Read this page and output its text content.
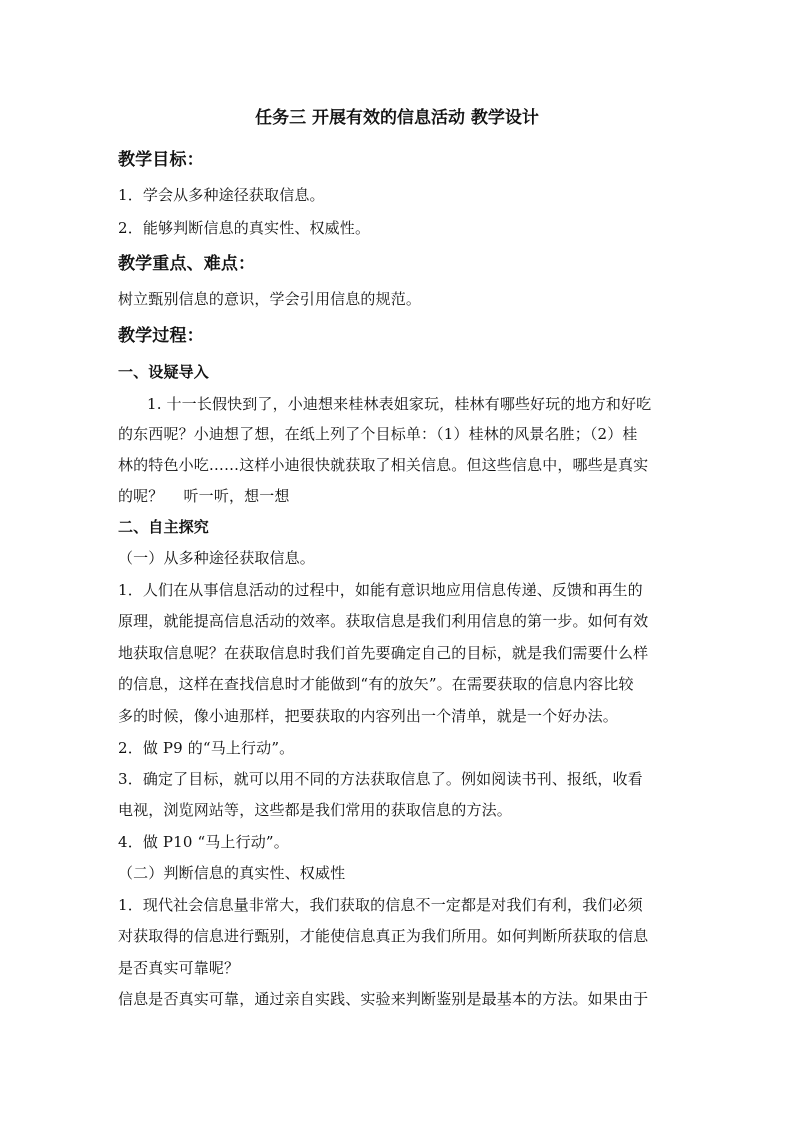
任务三 开展有效的信息活动 教学设计
教学目标：
1．学会从多种途径获取信息。
2．能够判断信息的真实性、权威性。
教学重点、难点：
树立甄别信息的意识，学会引用信息的规范。
教学过程：
一、设疑导入
1. 十一长假快到了，小迪想来桂林表姐家玩，桂林有哪些好玩的地方和好吃
的东西呢？小迪想了想，在纸上列了个目标单：（1）桂林的风景名胜；（2）桂
林的特色小吃……这样小迪很快就获取了相关信息。但这些信息中，哪些是真实
的呢？　 听一听，想一想
二、自主探究
（一）从多种途径获取信息。
1．人们在从事信息活动的过程中，如能有意识地应用信息传递、反馈和再生的
原理，就能提高信息活动的效率。获取信息是我们利用信息的第一步。如何有效
地获取信息呢？在获取信息时我们首先要确定自己的目标，就是我们需要什么样
的信息，这样在查找信息时才能做到“有的放矢”。在需要获取的信息内容比较
多的时候，像小迪那样，把要获取的内容列出一个清单，就是一个好办法。
2．做 P9 的“马上行动”。
3．确定了目标，就可以用不同的方法获取信息了。例如阅读书刊、报纸，收看
电视，浏览网站等，这些都是我们常用的获取信息的方法。
4．做 P10 “马上行动”。
（二）判断信息的真实性、权威性
1．现代社会信息量非常大，我们获取的信息不一定都是对我们有利，我们必须
对获取得的信息进行甄别，才能使信息真正为我们所用。如何判断所获取的信息
是否真实可靠呢？
信息是否真实可靠，通过亲自实践、实验来判断鉴别是最基本的方法。如果由于
